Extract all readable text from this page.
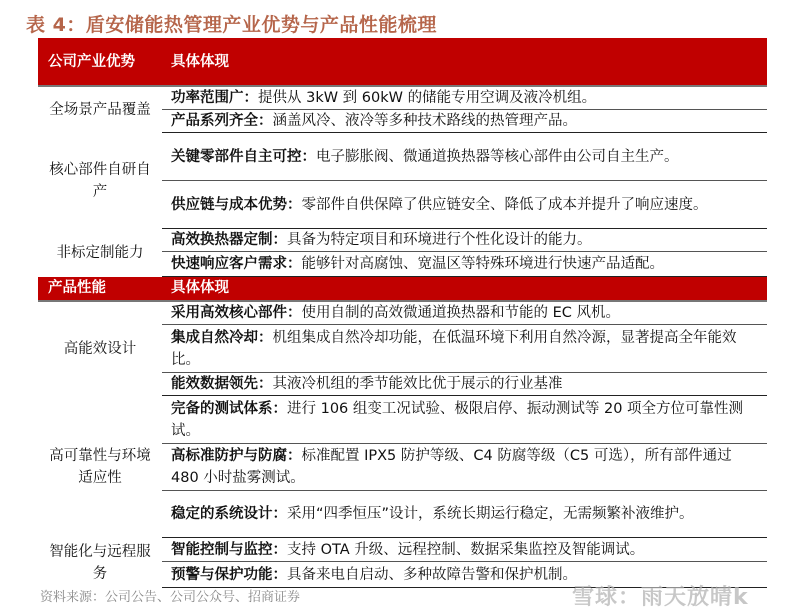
表 4：盾安储能热管理产业优势与产品性能梳理
公司产业优势	具体体现
全场景产品覆盖	功率范围广：提供从 3kW 到 60kW 的储能专用空调及液冷机组。
	产品系列齐全：涵盖风冷、液冷等多种技术路线的热管理产品。
核心部件自研自产	关键零部件自主可控：电子膨胀阀、微通道换热器等核心部件由公司自主生产。
	供应链与成本优势：零部件自供保障了供应链安全、降低了成本并提升了响应速度。
非标定制能力	高效换热器定制：具备为特定项目和环境进行个性化设计的能力。
	快速响应客户需求：能够针对高腐蚀、宽温区等特殊环境进行快速产品适配。
产品性能	具体体现
高能效设计	采用高效核心部件：使用自制的高效微通道换热器和节能的 EC 风机。
	集成自然冷却：机组集成自然冷却功能，在低温环境下利用自然冷源，显著提高全年能效比。
	能效数据领先：其液冷机组的季节能效比优于展示的行业基准
高可靠性与环境适应性	完备的测试体系：进行 106 组变工况试验、极限启停、振动测试等 20 项全方位可靠性测试。
	高标准防护与防腐：标准配置 IPX5 防护等级、C4 防腐等级（C5 可选），所有部件通过 480 小时盐雾测试。
	稳定的系统设计：采用“四季恒压”设计，系统长期运行稳定，无需频繁补液维护。
智能化与远程服务	智能控制与监控：支持 OTA 升级、远程控制、数据采集监控及智能调试。
	预警与保护功能：具备来电自启动、多种故障告警和保护机制。
资料来源：公司公告、公司公众号、招商证券	雪球：雨天放晴k
